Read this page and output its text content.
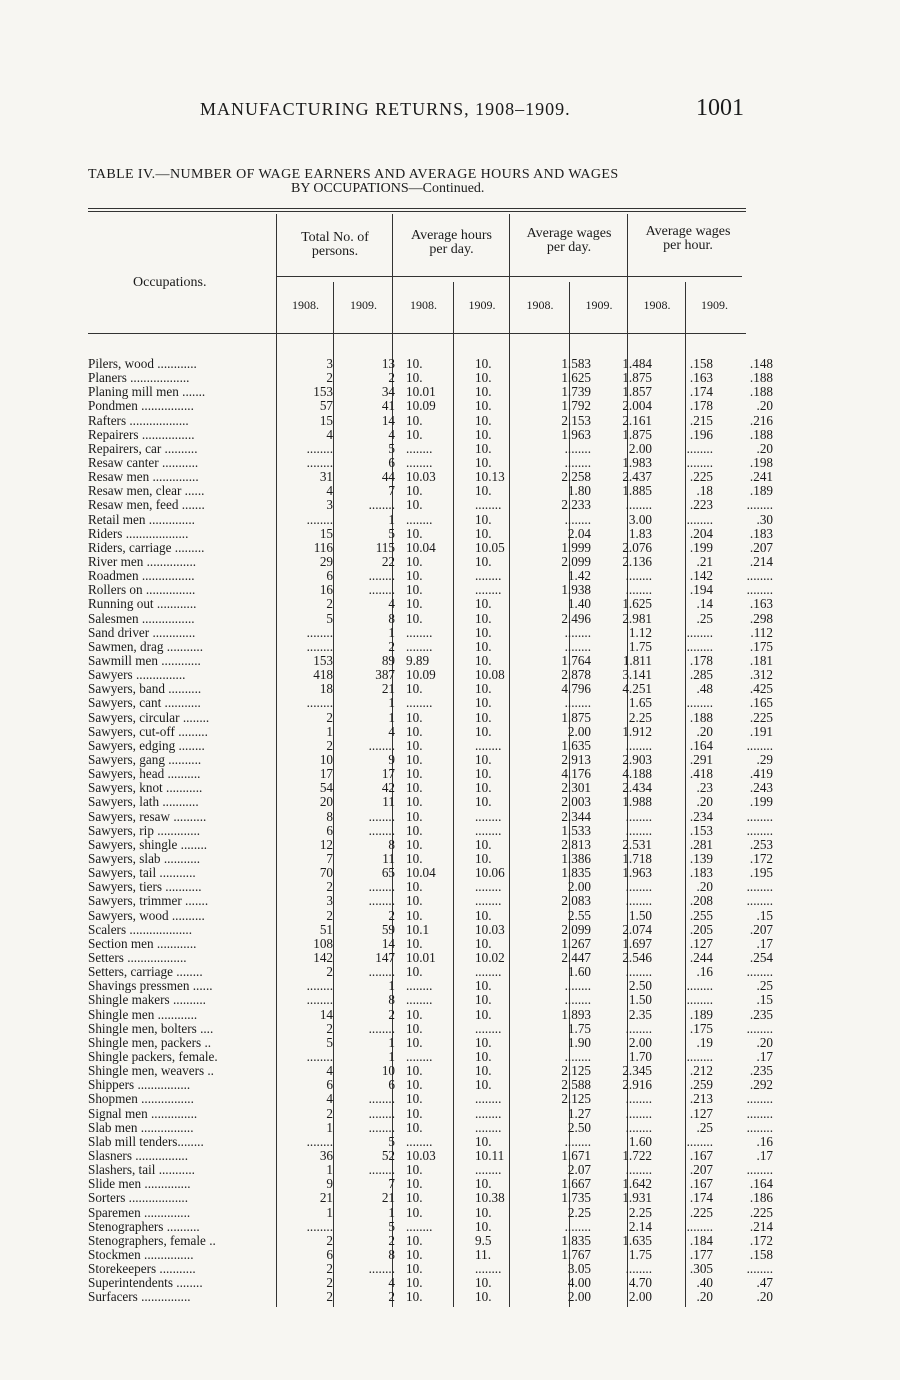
MANUFACTURING RETURNS, 1908–1909.	1001
TABLE IV.—NUMBER OF WAGE EARNERS AND AVERAGE HOURS AND WAGES
BY OCCUPATIONS—Continued.
Occupations.
Total No. of
persons.
Average hours
per day.
Average wages
per day.
Average wages
per hour.
1908.	1909.	1908.	1909.	1908.	1909.	1908.	1909.
Pilers, wood ............	3	13	10.	10.	1.583	1.484	.158	.148
Planers ..................	2	2	10.	10.	1.625	1.875	.163	.188
Planing mill men .......	153	34	10.01	10.	1.739	1.857	.174	.188
Pondmen ................	57	41	10.09	10.	1.792	2.004	.178	.20
Rafters ..................	15	14	10.	10.	2.153	2.161	.215	.216
Repairers ................	4	4	10.	10.	1.963	1.875	.196	.188
Repairers, car ..........	........	5	........	10.	........	2.00	........	.20
Resaw canter ...........	........	6	........	10.	........	1.983	........	.198
Resaw men ..............	31	44	10.03	10.13	2.258	2.437	.225	.241
Resaw men, clear ......	4	7	10.	10.	1.80	1.885	.18	.189
Resaw men, feed .......	3	........	10.	........	2.233	........	.223	........
Retail men ..............	........	1	........	10.	........	3.00	........	.30
Riders ...................	15	5	10.	10.	2.04	1.83	.204	.183
Riders, carriage .........	116	115	10.04	10.05	1.999	2.076	.199	.207
River men ...............	29	22	10.	10.	2.099	2.136	.21	.214
Roadmen ................	6	........	10.	........	1.42	........	.142	........
Rollers on ...............	16	........	10.	........	1.938	........	.194	........
Running out ............	2	4	10.	10.	1.40	1.625	.14	.163
Salesmen ................	5	8	10.	10.	2.496	2.981	.25	.298
Sand driver .............	........	1	........	10.	........	1.12	........	.112
Sawmen, drag ...........	........	2	........	10.	........	1.75	........	.175
Sawmill men ............	153	89	9.89	10.	1.764	1.811	.178	.181
Sawyers ...............	418	387	10.09	10.08	2.878	3.141	.285	.312
Sawyers, band ..........	18	21	10.	10.	4.796	4.251	.48	.425
Sawyers, cant ...........	........	1	........	10.	........	1.65	........	.165
Sawyers, circular ........	2	1	10.	10.	1.875	2.25	.188	.225
Sawyers, cut-off .........	1	4	10.	10.	2.00	1.912	.20	.191
Sawyers, edging ........	2	........	10.	........	1.635	........	.164	........
Sawyers, gang ..........	10	9	10.	10.	2.913	2.903	.291	.29
Sawyers, head ..........	17	17	10.	10.	4.176	4.188	.418	.419
Sawyers, knot ...........	54	42	10.	10.	2.301	2.434	.23	.243
Sawyers, lath ...........	20	11	10.	10.	2.003	1.988	.20	.199
Sawyers, resaw ..........	8	........	10.	........	2.344	........	.234	........
Sawyers, rip .............	6	........	10.	........	1.533	........	.153	........
Sawyers, shingle ........	12	8	10.	10.	2.813	2.531	.281	.253
Sawyers, slab ...........	7	11	10.	10.	1.386	1.718	.139	.172
Sawyers, tail ...........	70	65	10.04	10.06	1.835	1.963	.183	.195
Sawyers, tiers ...........	2	........	10.	........	2.00	........	.20	........
Sawyers, trimmer .......	3	........	10.	........	2.083	........	.208	........
Sawyers, wood ..........	2	2	10.	10.	2.55	1.50	.255	.15
Scalers ...................	51	59	10.1	10.03	2.099	2.074	.205	.207
Section men ............	108	14	10.	10.	1.267	1.697	.127	.17
Setters ..................	142	147	10.01	10.02	2.447	2.546	.244	.254
Setters, carriage ........	2	........	10.	........	1.60	........	.16	........
Shavings pressmen ......	........	1	........	10.	........	2.50	........	.25
Shingle makers ..........	........	8	........	10.	........	1.50	........	.15
Shingle men ............	14	2	10.	10.	1.893	2.35	.189	.235
Shingle men, bolters ....	2	........	10.	........	1.75	........	.175	........
Shingle men, packers ..	5	1	10.	10.	1.90	2.00	.19	.20
Shingle packers, female.	........	1	........	10.	........	1.70	........	.17
Shingle men, weavers ..	4	10	10.	10.	2.125	2.345	.212	.235
Shippers ................	6	6	10.	10.	2.588	2.916	.259	.292
Shopmen ................	4	........	10.	........	2.125	........	.213	........
Signal men ..............	2	........	10.	........	1.27	........	.127	........
Slab men ................	1	........	10.	........	2.50	........	.25	........
Slab mill tenders........	........	5	........	10.	........	1.60	........	.16
Slasners ................	36	52	10.03	10.11	1.671	1.722	.167	.17
Slashers, tail ...........	1	........	10.	........	2.07	........	.207	........
Slide men ..............	9	7	10.	10.	1.667	1.642	.167	.164
Sorters ..................	21	21	10.	10.38	1.735	1.931	.174	.186
Sparemen ..............	1	1	10.	10.	2.25	2.25	.225	.225
Stenographers ..........	........	5	........	10.	........	2.14	........	.214
Stenographers, female ..	2	2	10.	9.5	1.835	1.635	.184	.172
Stockmen ...............	6	8	10.	11.	1.767	1.75	.177	.158
Storekeepers ...........	2	........	10.	........	3.05	........	.305	........
Superintendents ........	2	4	10.	10.	4.00	4.70	.40	.47
Surfacers ...............	2	2	10.	10.	2.00	2.00	.20	.20
